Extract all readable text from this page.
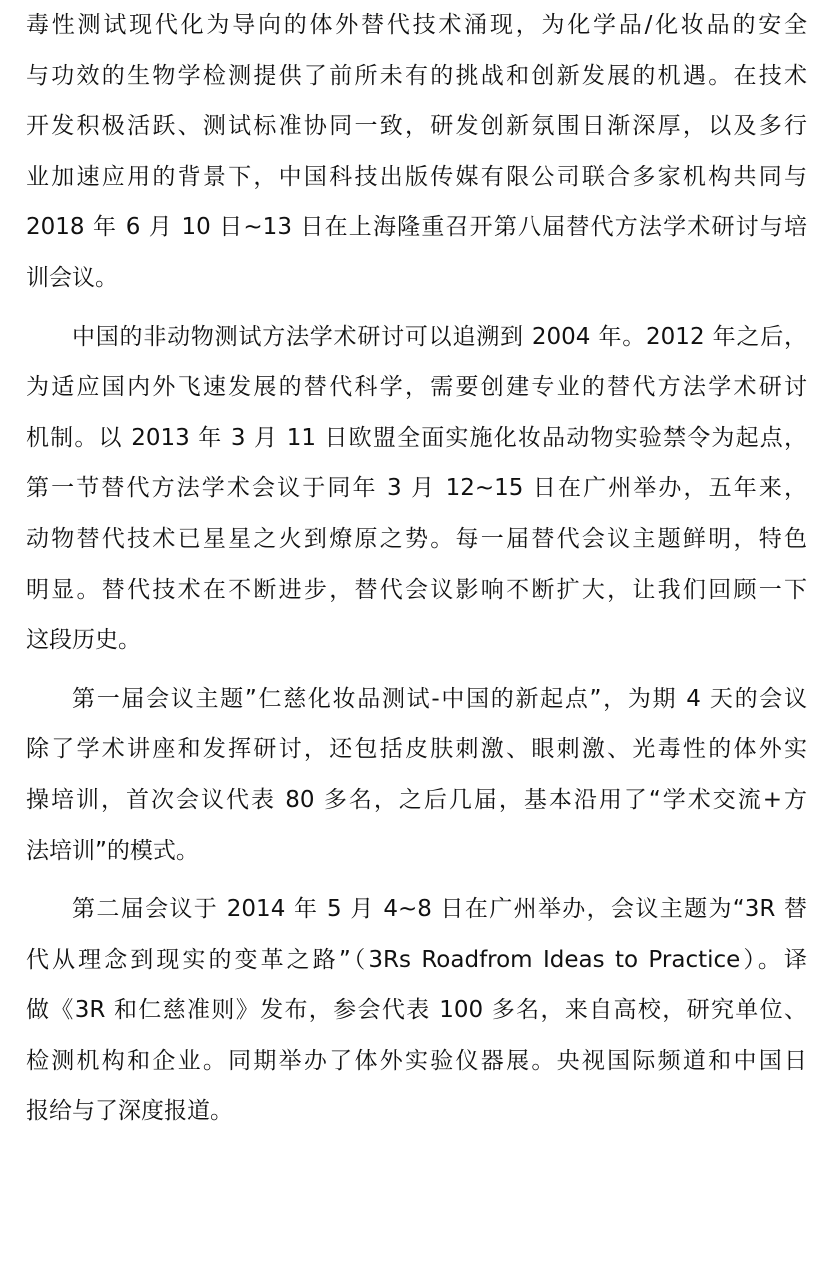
毒性测试现代化为导向的体外替代技术涌现，为化学品/化妆品的安全
与功效的生物学检测提供了前所未有的挑战和创新发展的机遇。在技术
开发积极活跃、测试标准协同一致，研发创新氛围日渐深厚，以及多行
业加速应用的背景下，中国科技出版传媒有限公司联合多家机构共同与
2018 年 6 月 10 日~13 日在上海隆重召开第八届替代方法学术研讨与培
训会议。
中国的非动物测试方法学术研讨可以追溯到 2004 年。2012 年之后，
为适应国内外飞速发展的替代科学，需要创建专业的替代方法学术研讨
机制。以 2013 年 3 月 11 日欧盟全面实施化妆品动物实验禁令为起点，
第一节替代方法学术会议于同年 3 月 12~15 日在广州举办，五年来，
动物替代技术已星星之火到燎原之势。每一届替代会议主题鲜明，特色
明显。替代技术在不断进步，替代会议影响不断扩大，让我们回顾一下
这段历史。
第一届会议主题”仁慈化妆品测试-中国的新起点”，为期 4 天的会议
除了学术讲座和发挥研讨，还包括皮肤刺激、眼刺激、光毒性的体外实
操培训，首次会议代表 80 多名，之后几届，基本沿用了“学术交流+方
法培训”的模式。
第二届会议于 2014 年 5 月 4~8 日在广州举办，会议主题为“3R 替
代从理念到现实的变革之路”（3Rs Roadfrom Ideas to Practice）。译
做《3R 和仁慈准则》发布，参会代表 100 多名，来自高校，研究单位、
检测机构和企业。同期举办了体外实验仪器展。央视国际频道和中国日
报给与了深度报道。
